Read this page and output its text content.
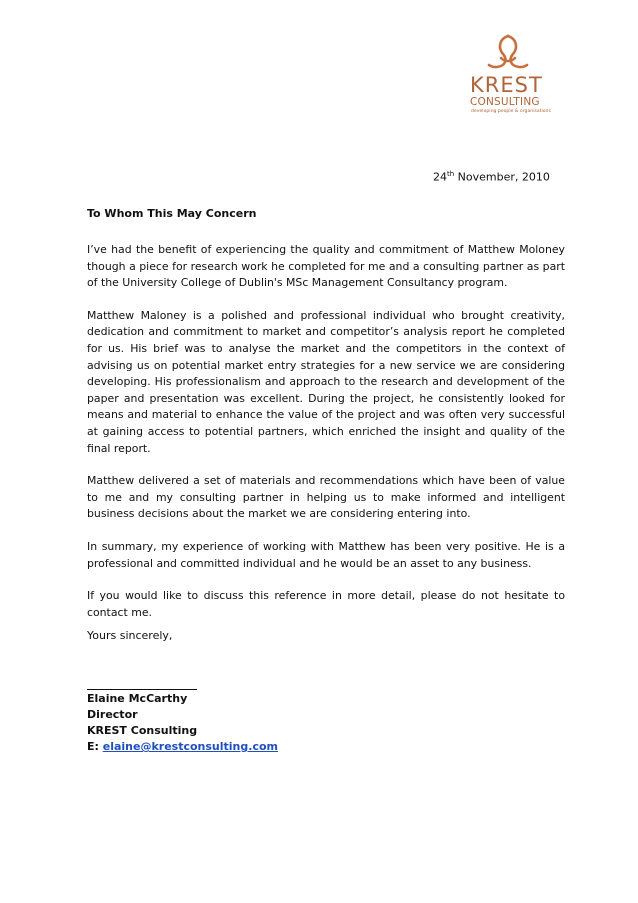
KREST
CONSULTING
developing people & organisations
24th November, 2010
To Whom This May Concern

I’ve had the benefit of experiencing the quality and commitment of Matthew Moloney though a piece for research work he completed for me and a consulting partner as part of the University College of Dublin's MSc Management Consultancy program.

Matthew Maloney is a polished and professional individual who brought creativity, dedication and commitment to market and competitor’s analysis report he completed for us. His brief was to analyse the market and the competitors in the context of advising us on potential market entry strategies for a new service we are considering developing. His professionalism and approach to the research and development of the paper and presentation was excellent. During the project, he consistently looked for means and material to enhance the value of the project and was often very successful at gaining access to potential partners, which enriched the insight and quality of the final report.

Matthew delivered a set of materials and recommendations which have been of value to me and my consulting partner in helping us to make informed and intelligent business decisions about the market we are considering entering into.

In summary, my experience of working with Matthew has been very positive. He is a professional and committed individual and he would be an asset to any business.

If you would like to discuss this reference in more detail, please do not hesitate to contact me.

Yours sincerely,
Elaine McCarthy
Director
KREST Consulting
E: elaine@krestconsulting.com
